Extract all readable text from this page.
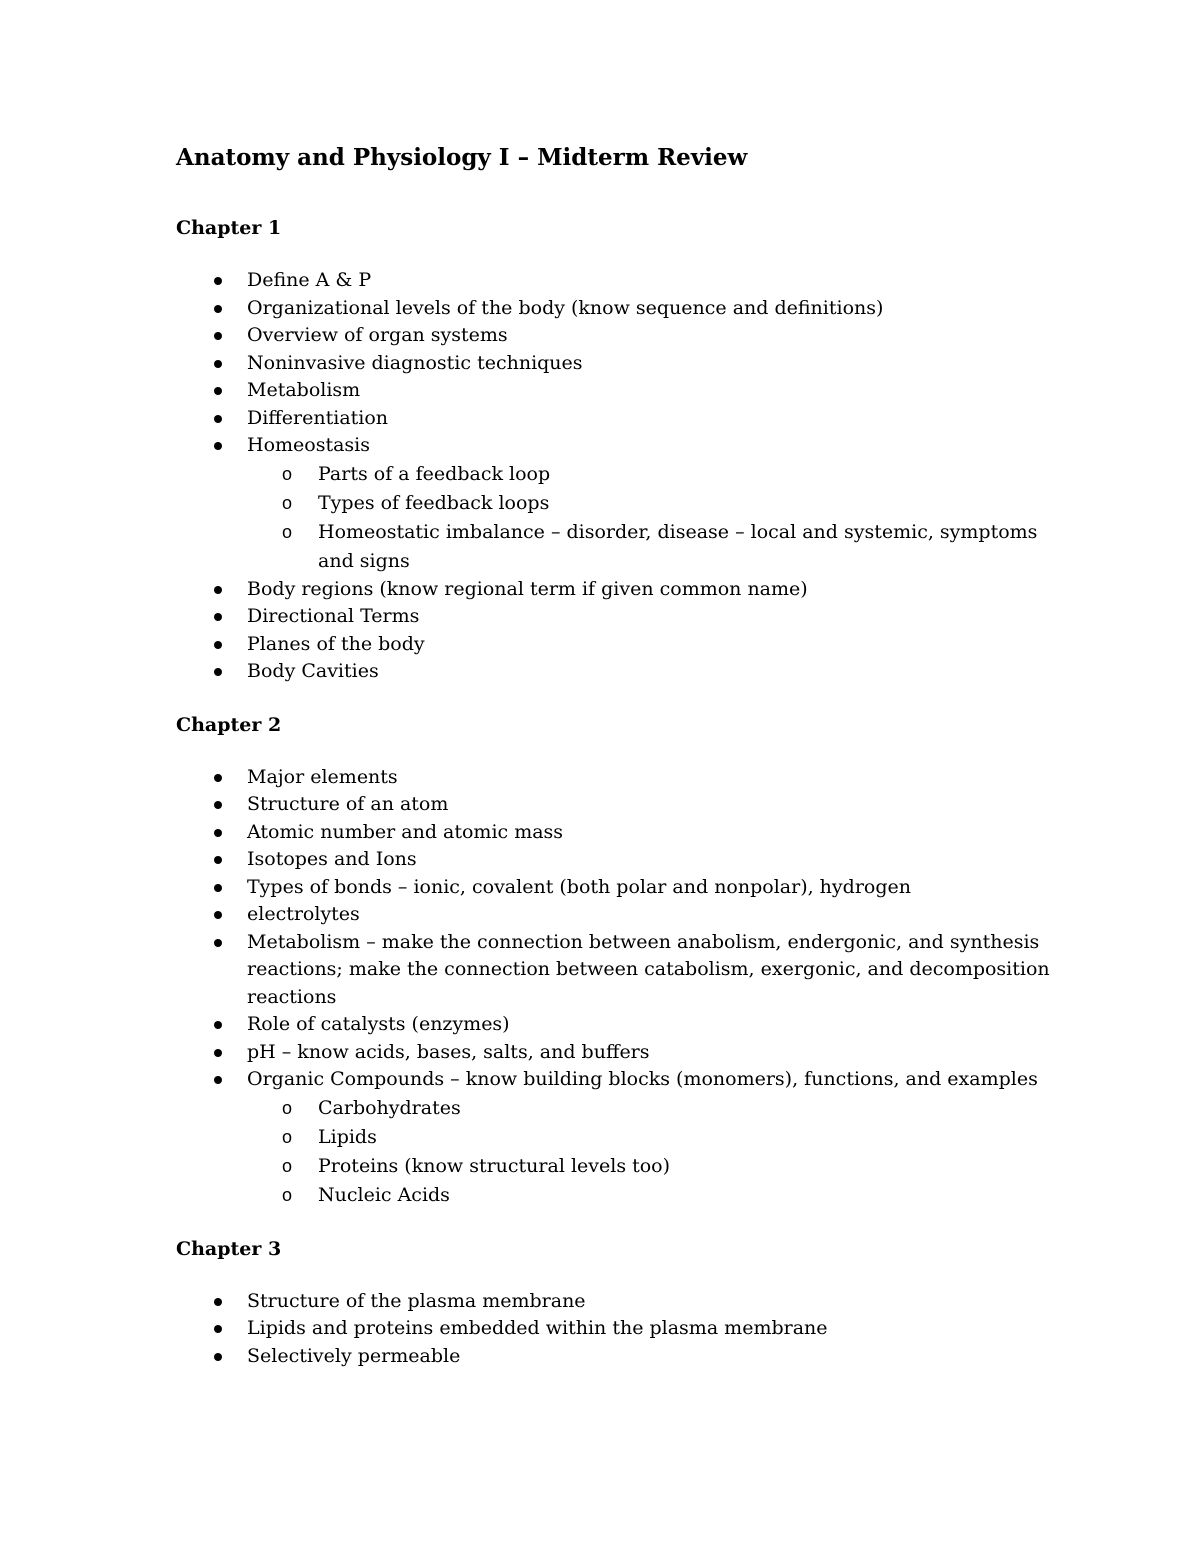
Anatomy and Physiology I – Midterm Review
Chapter 1
Define A & P
Organizational levels of the body (know sequence and definitions)
Overview of organ systems
Noninvasive diagnostic techniques
Metabolism
Differentiation
Homeostasis
o Parts of a feedback loop
o Types of feedback loops
o Homeostatic imbalance – disorder, disease – local and systemic, symptoms and signs
Body regions (know regional term if given common name)
Directional Terms
Planes of the body
Body Cavities
Chapter 2
Major elements
Structure of an atom
Atomic number and atomic mass
Isotopes and Ions
Types of bonds – ionic, covalent (both polar and nonpolar), hydrogen
electrolytes
Metabolism – make the connection between anabolism, endergonic, and synthesis reactions; make the connection between catabolism, exergonic, and decomposition reactions
Role of catalysts (enzymes)
pH – know acids, bases, salts, and buffers
Organic Compounds – know building blocks (monomers), functions, and examples
o Carbohydrates
o Lipids
o Proteins (know structural levels too)
o Nucleic Acids
Chapter 3
Structure of the plasma membrane
Lipids and proteins embedded within the plasma membrane
Selectively permeable
